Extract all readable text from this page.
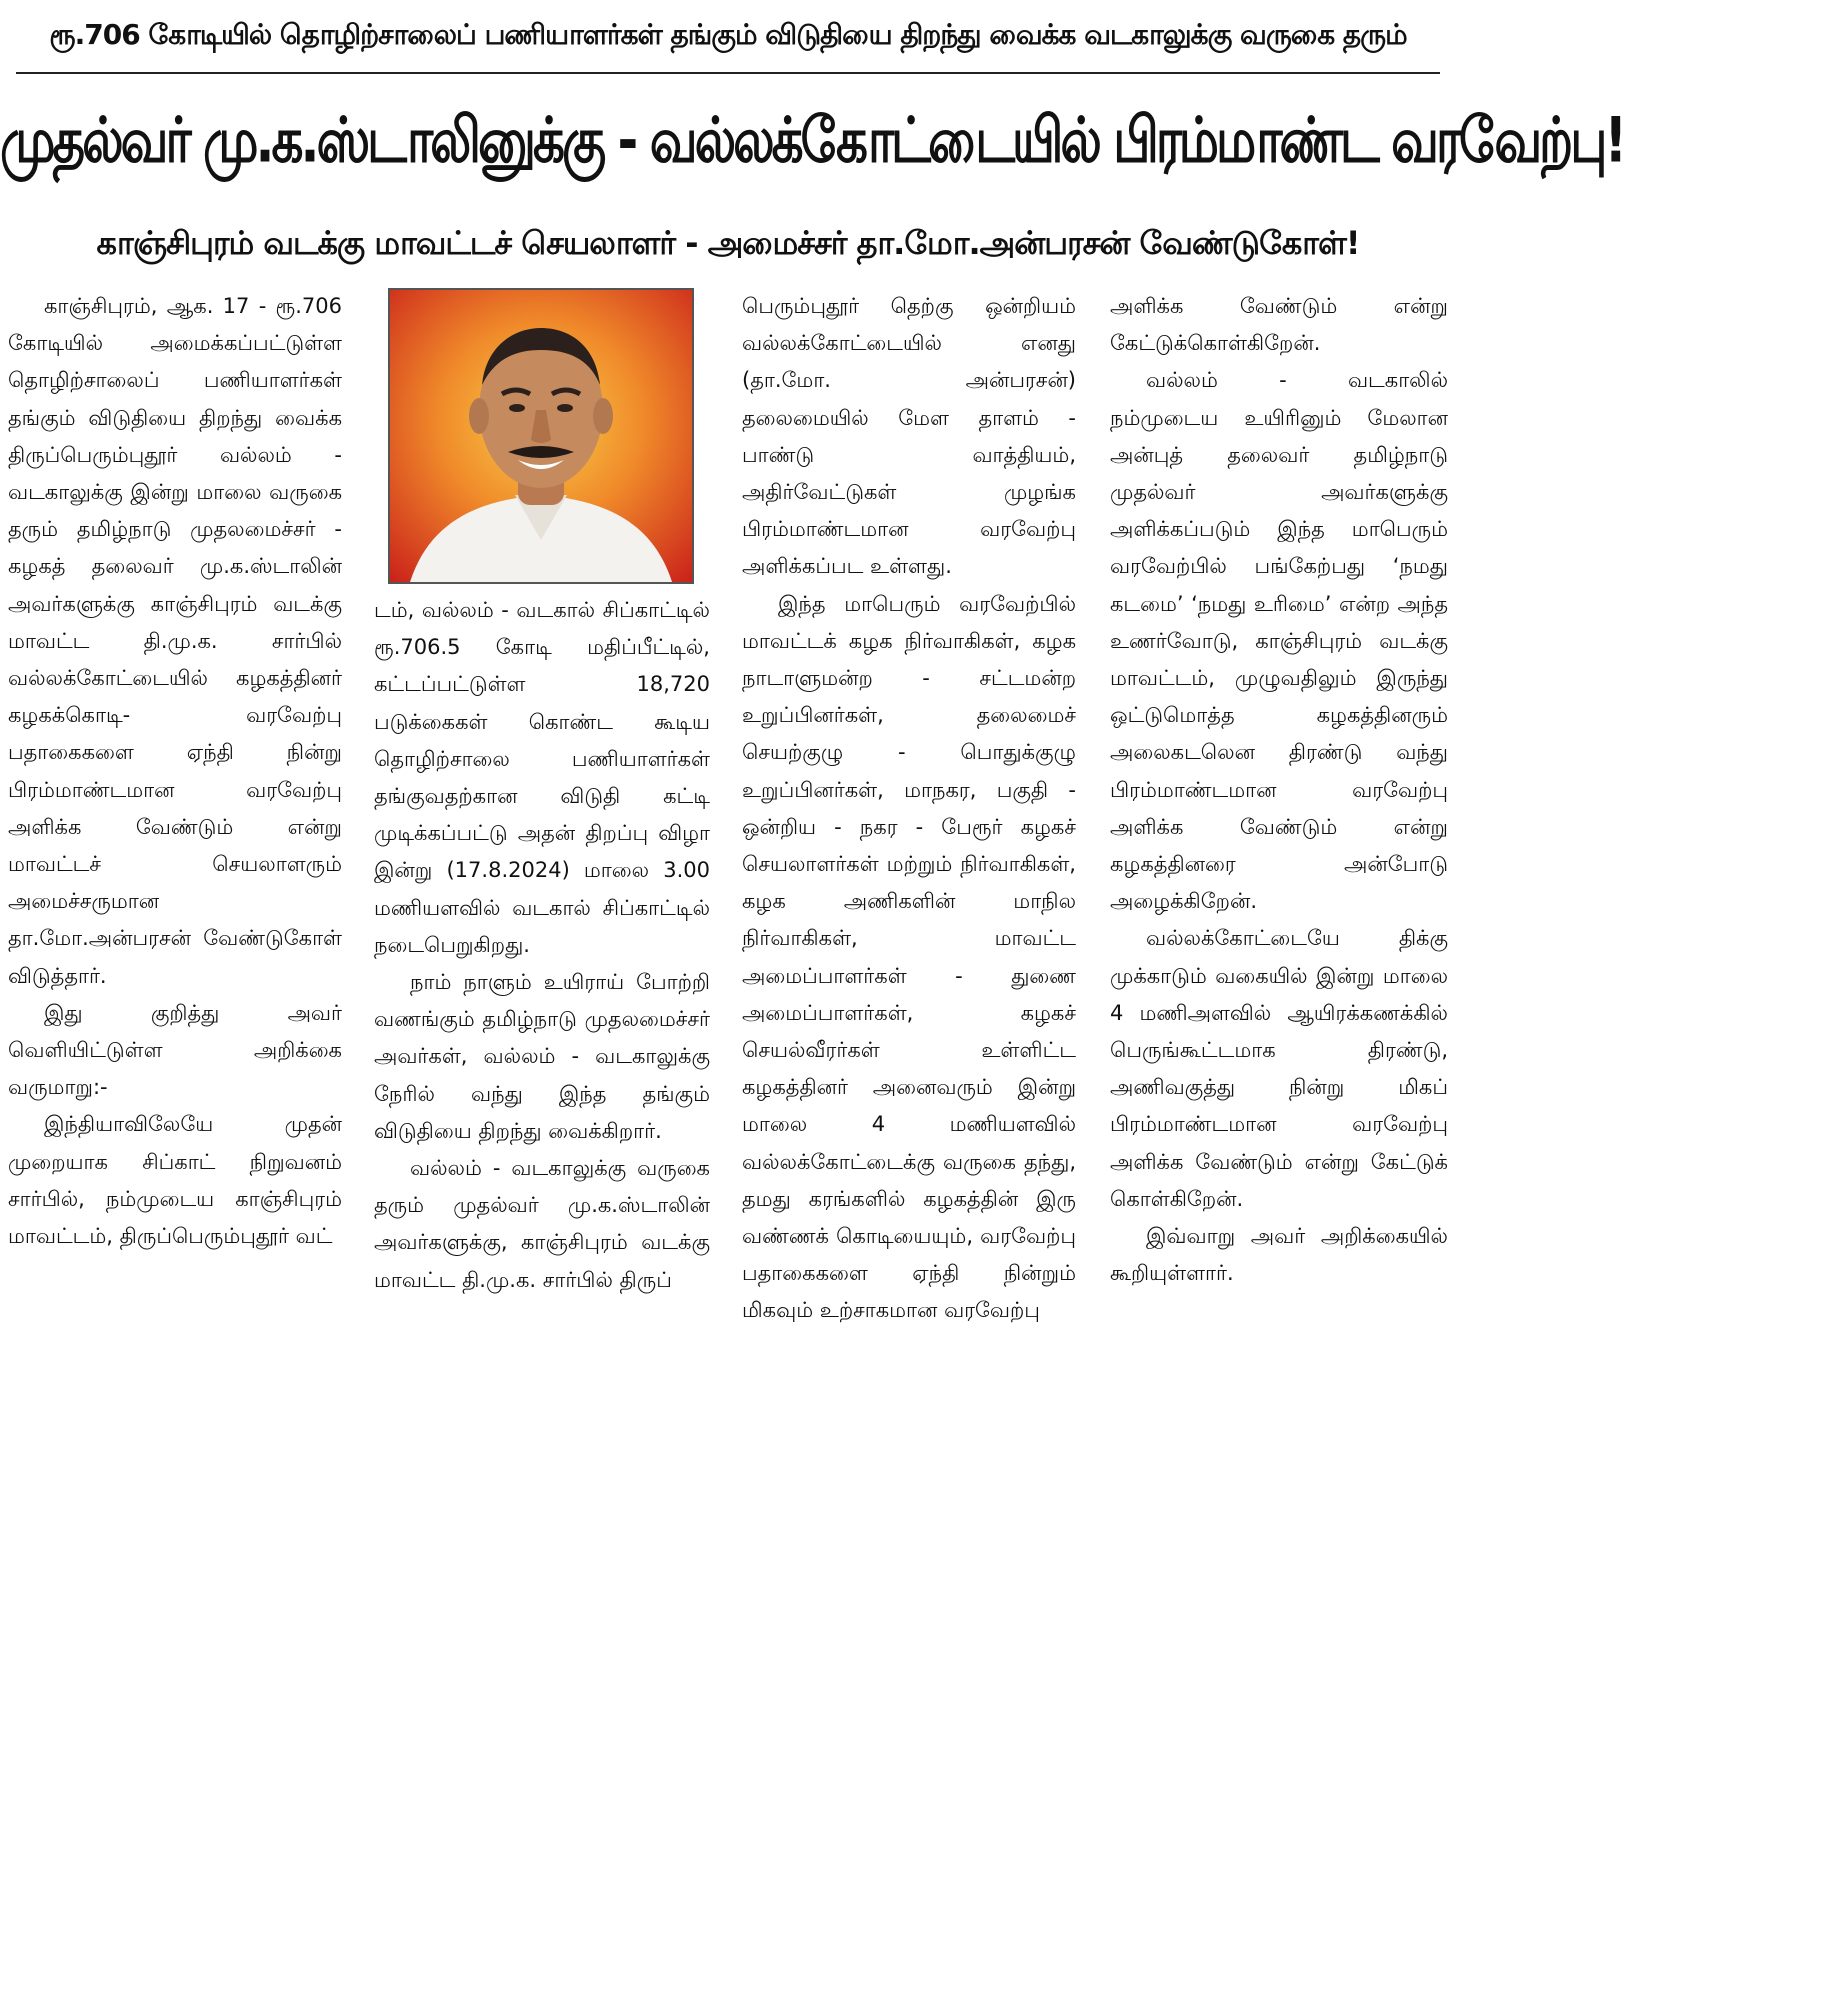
ரூ.706 கோடியில் தொழிற்சாலைப் பணியாளர்கள் தங்கும் விடுதியை திறந்து வைக்க வடகாலுக்கு வருகை தரும்
முதல்வர் மு.க.ஸ்டாலினுக்கு - வல்லக்கோட்டையில் பிரம்மாண்ட வரவேற்பு!
காஞ்சிபுரம் வடக்கு மாவட்டச் செயலாளர் - அமைச்சர் தா.மோ.அன்பரசன் வேண்டுகோள்!

காஞ்சிபுரம், ஆக. 17 - ரூ.706 கோடியில் அமைக்கப்பட்டுள்ள தொழிற்சாலைப் பணியாளர்கள் தங்கும் விடுதியை திறந்து வைக்க திருப்பெரும்புதூர் வல்லம் - வடகாலுக்கு இன்று மாலை வருகை தரும் தமிழ்நாடு முதலமைச்சர் - கழகத் தலைவர் மு.க.ஸ்டாலின் அவர்களுக்கு காஞ்சிபுரம் வடக்கு மாவட்ட தி.மு.க. சார்பில் வல்லக்கோட்டையில் கழகத்தினர் கழகக்கொடி- வரவேற்பு பதாகைகளை ஏந்தி நின்று பிரம்மாண்டமான வரவேற்பு அளிக்க வேண்டும் என்று மாவட்டச் செயலாளரும் அமைச்சருமான தா.மோ.அன்பரசன் வேண்டுகோள் விடுத்தார்.

இது குறித்து அவர் வெளியிட்டுள்ள அறிக்கை வருமாறு:-

இந்தியாவிலேயே முதன் முறையாக சிப்காட் நிறுவனம் சார்பில், நம்முடைய காஞ்சிபுரம் மாவட்டம், திருப்பெரும்புதூர் வட்

டம், வல்லம் - வடகால் சிப்காட்டில் ரூ.706.5 கோடி மதிப்பீட்டில், கட்டப்பட்டுள்ள 18,720 படுக்கைகள் கொண்ட கூடிய தொழிற்சாலை பணியாளர்கள் தங்குவதற்கான விடுதி கட்டி முடிக்கப்பட்டு அதன் திறப்பு விழா இன்று (17.8.2024) மாலை 3.00 மணியளவில் வடகால் சிப்காட்டில் நடைபெறுகிறது.

நாம் நாளும் உயிராய் போற்றி வணங்கும் தமிழ்நாடு முதலமைச்சர் அவர்கள், வல்லம் - வடகாலுக்கு நேரில் வந்து இந்த தங்கும் விடுதியை திறந்து வைக்கிறார்.

வல்லம் - வடகாலுக்கு வருகை தரும் முதல்வர் மு.க.ஸ்டாலின் அவர்களுக்கு, காஞ்சிபுரம் வடக்கு மாவட்ட தி.மு.க. சார்பில் திருப்

பெரும்புதூர் தெற்கு ஒன்றியம் வல்லக்கோட்டையில் எனது (தா.மோ. அன்பரசன்) தலைமையில் மேள தாளம் - பாண்டு வாத்தியம், அதிர்வேட்டுகள் முழங்க பிரம்மாண்டமான வரவேற்பு அளிக்கப்பட உள்ளது.

இந்த மாபெரும் வரவேற்பில் மாவட்டக் கழக நிர்வாகிகள், கழக நாடாளுமன்ற - சட்டமன்ற உறுப்பினர்கள், தலைமைச் செயற்குழு - பொதுக்குழு உறுப்பினர்கள், மாநகர, பகுதி - ஒன்றிய - நகர - பேரூர் கழகச் செயலாளர்கள் மற்றும் நிர்வாகிகள், கழக அணிகளின் மாநில நிர்வாகிகள், மாவட்ட அமைப்பாளர்கள் - துணை அமைப்பாளர்கள், கழகச் செயல்வீரர்கள் உள்ளிட்ட கழகத்தினர் அனைவரும் இன்று மாலை 4 மணியளவில் வல்லக்கோட்டைக்கு வருகை தந்து, தமது கரங்களில் கழகத்தின் இரு வண்ணக் கொடியையும், வரவேற்பு பதாகைகளை ஏந்தி நின்றும் மிகவும் உற்சாகமான வரவேற்பு

அளிக்க வேண்டும் என்று கேட்டுக்கொள்கிறேன்.

வல்லம் - வடகாலில் நம்முடைய உயிரினும் மேலான அன்புத் தலைவர் தமிழ்நாடு முதல்வர் அவர்களுக்கு அளிக்கப்படும் இந்த மாபெரும் வரவேற்பில் பங்கேற்பது ‘நமது கடமை’ ‘நமது உரிமை’ என்ற அந்த உணர்வோடு, காஞ்சிபுரம் வடக்கு மாவட்டம், முழுவதிலும் இருந்து ஒட்டுமொத்த கழகத்தினரும் அலைகடலென திரண்டு வந்து பிரம்மாண்டமான வரவேற்பு அளிக்க வேண்டும் என்று கழகத்தினரை அன்போடு அழைக்கிறேன்.

வல்லக்கோட்டையே திக்கு முக்காடும் வகையில் இன்று மாலை 4 மணிஅளவில் ஆயிரக்கணக்கில் பெருங்கூட்டமாக திரண்டு, அணிவகுத்து நின்று மிகப் பிரம்மாண்டமான வரவேற்பு அளிக்க வேண்டும் என்று கேட்டுக் கொள்கிறேன்.

இவ்வாறு அவர் அறிக்கையில் கூறியுள்ளார்.
